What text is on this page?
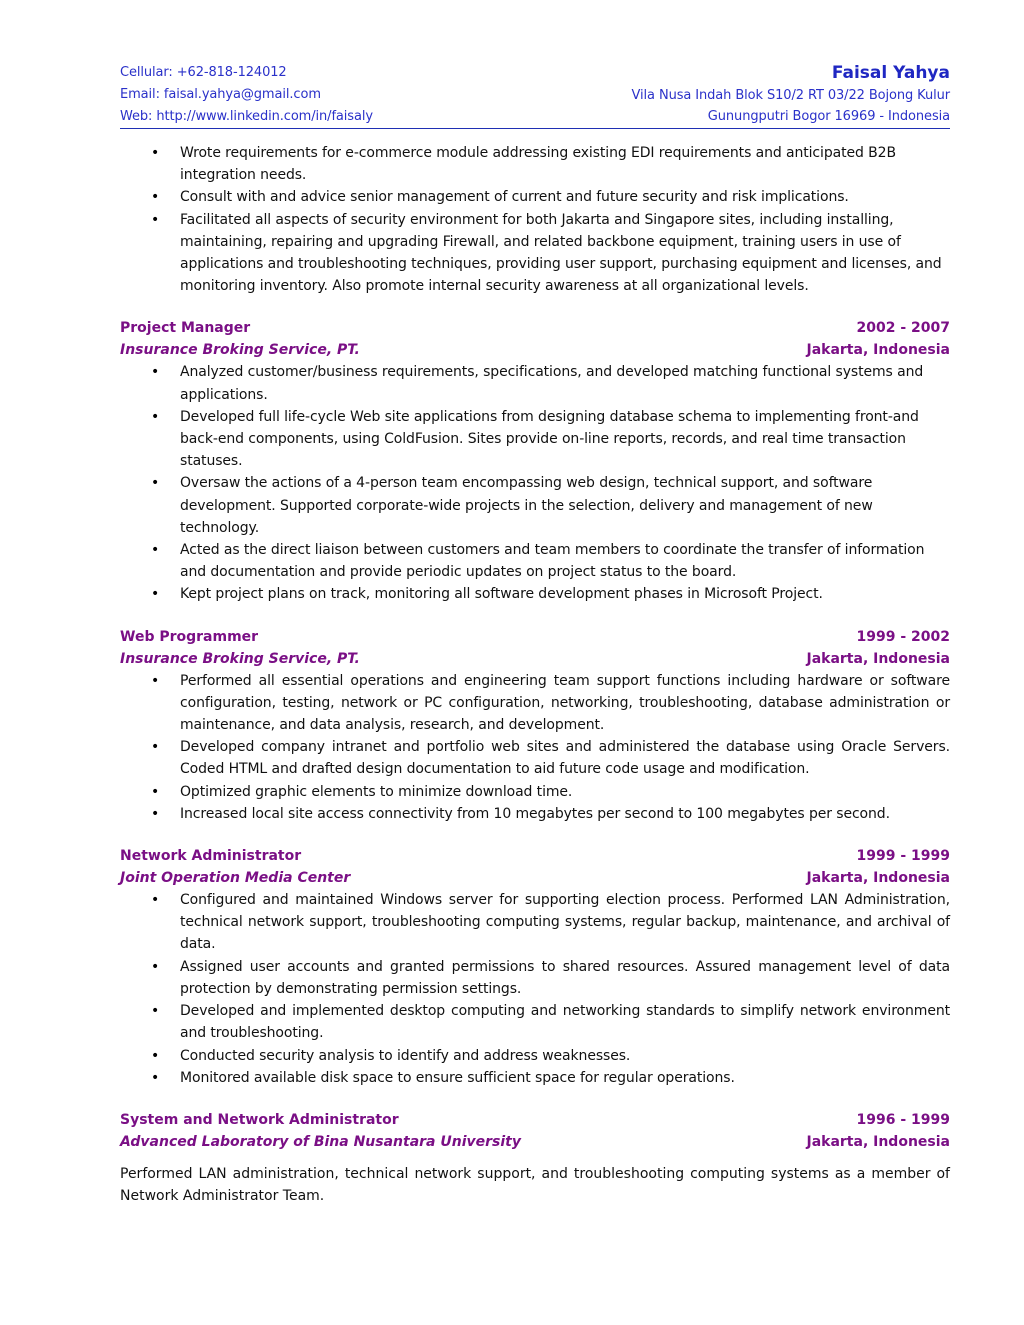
Cellular: +62-818-124012
Email: faisal.yahya@gmail.com
Web: http://www.linkedin.com/in/faisaly
Faisal Yahya
Vila Nusa Indah Blok S10/2 RT 03/22 Bojong Kulur
Gunungputri Bogor 16969 - Indonesia
• Wrote requirements for e-commerce module addressing existing EDI requirements and anticipated B2B integration needs.
• Consult with and advice senior management of current and future security and risk implications.
• Facilitated all aspects of security environment for both Jakarta and Singapore sites, including installing, maintaining, repairing and upgrading Firewall, and related backbone equipment, training users in use of applications and troubleshooting techniques, providing user support, purchasing equipment and licenses, and monitoring inventory. Also promote internal security awareness at all organizational levels.
Project Manager	2002 - 2007
Insurance Broking Service, PT.	Jakarta, Indonesia
• Analyzed customer/business requirements, specifications, and developed matching functional systems and applications.
• Developed full life-cycle Web site applications from designing database schema to implementing front-and back-end components, using ColdFusion. Sites provide on-line reports, records, and real time transaction statuses.
• Oversaw the actions of a 4-person team encompassing web design, technical support, and software development. Supported corporate-wide projects in the selection, delivery and management of new technology.
• Acted as the direct liaison between customers and team members to coordinate the transfer of information and documentation and provide periodic updates on project status to the board.
• Kept project plans on track, monitoring all software development phases in Microsoft Project.
Web Programmer	1999 - 2002
Insurance Broking Service, PT.	Jakarta, Indonesia
• Performed all essential operations and engineering team support functions including hardware or software configuration, testing, network or PC configuration, networking, troubleshooting, database administration or maintenance, and data analysis, research, and development.
• Developed company intranet and portfolio web sites and administered the database using Oracle Servers. Coded HTML and drafted design documentation to aid future code usage and modification.
• Optimized graphic elements to minimize download time.
• Increased local site access connectivity from 10 megabytes per second to 100 megabytes per second.
Network Administrator	1999 - 1999
Joint Operation Media Center	Jakarta, Indonesia
• Configured and maintained Windows server for supporting election process. Performed LAN Administration, technical network support, troubleshooting computing systems, regular backup, maintenance, and archival of data.
• Assigned user accounts and granted permissions to shared resources. Assured management level of data protection by demonstrating permission settings.
• Developed and implemented desktop computing and networking standards to simplify network environment and troubleshooting.
• Conducted security analysis to identify and address weaknesses.
• Monitored available disk space to ensure sufficient space for regular operations.
System and Network Administrator	1996 - 1999
Advanced Laboratory of Bina Nusantara University	Jakarta, Indonesia
Performed LAN administration, technical network support, and troubleshooting computing systems as a member of Network Administrator Team.
